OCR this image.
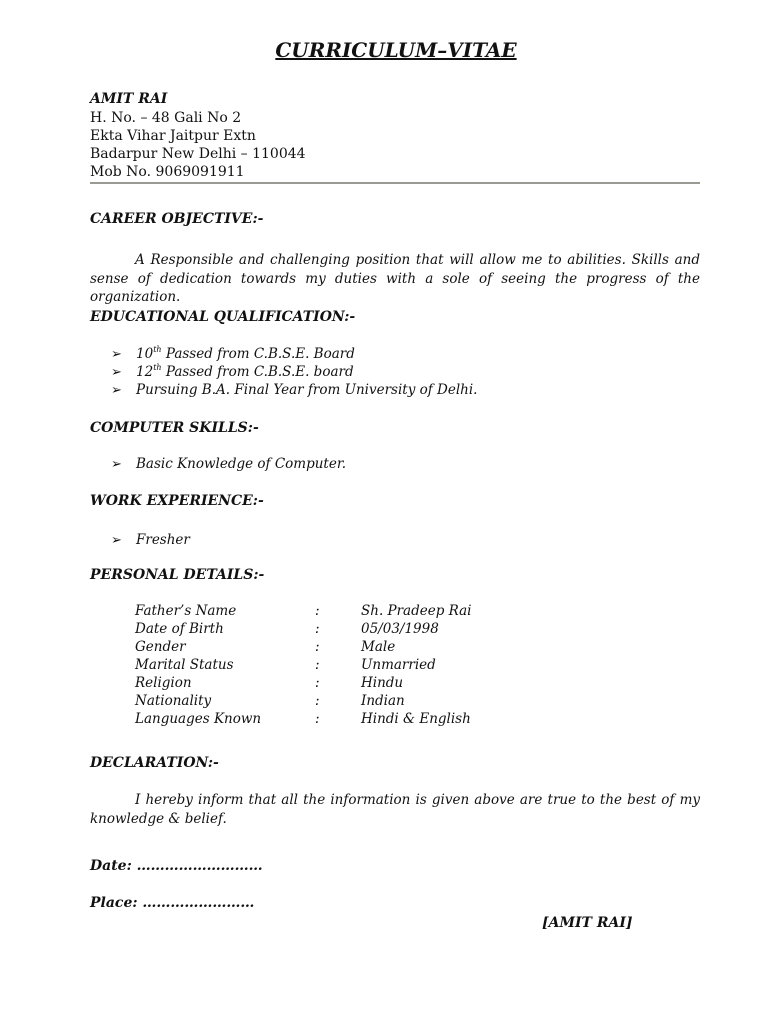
CURRICULUM–VITAE
AMIT RAI
H. No. – 48 Gali No 2
Ekta Vihar Jaitpur Extn
Badarpur New Delhi – 110044
Mob No. 9069091911
CAREER OBJECTIVE:-
A Responsible and challenging position that will allow me to abilities. Skills and sense of dedication towards my duties with a sole of seeing the progress of the organization.
EDUCATIONAL QUALIFICATION:-
➢ 10th Passed from C.B.S.E. Board
➢ 12th Passed from C.B.S.E. board
➢ Pursuing B.A. Final Year from University of Delhi.
COMPUTER SKILLS:-
➢ Basic Knowledge of Computer.
WORK EXPERIENCE:-
➢ Fresher
PERSONAL DETAILS:-
Father’s Name	:	Sh. Pradeep Rai
Date of Birth	:	05/03/1998
Gender	:	Male
Marital Status	:	Unmarried
Religion	:	Hindu
Nationality	:	Indian
Languages Known	:	Hindi & English
DECLARATION:-
I hereby inform that all the information is given above are true to the best of my knowledge & belief.
Date: ………………………
Place: ……………………
[AMIT RAI]
